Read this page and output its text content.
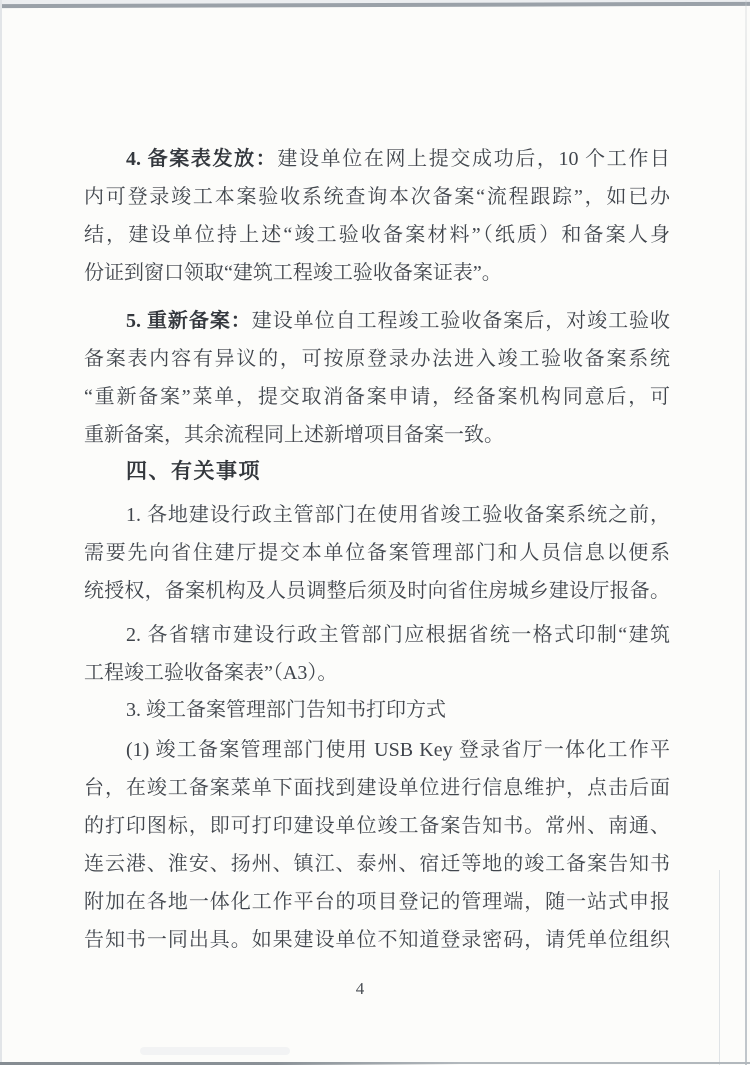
4. 备案表发放：建设单位在网上提交成功后，10 个工作日
内可登录竣工本案验收系统查询本次备案“流程跟踪”，如已办
结，建设单位持上述“竣工验收备案材料”（纸质）和备案人身
份证到窗口领取“建筑工程竣工验收备案证表”。
5. 重新备案：建设单位自工程竣工验收备案后，对竣工验收
备案表内容有异议的，可按原登录办法进入竣工验收备案系统
“重新备案”菜单，提交取消备案申请，经备案机构同意后，可
重新备案，其余流程同上述新增项目备案一致。
四、有关事项
1. 各地建设行政主管部门在使用省竣工验收备案系统之前，
需要先向省住建厅提交本单位备案管理部门和人员信息以便系
统授权，备案机构及人员调整后须及时向省住房城乡建设厅报备。
2. 各省辖市建设行政主管部门应根据省统一格式印制“建筑
工程竣工验收备案表”（A3）。
3. 竣工备案管理部门告知书打印方式
(1) 竣工备案管理部门使用 USB Key 登录省厅一体化工作平
台，在竣工备案菜单下面找到建设单位进行信息维护，点击后面
的打印图标，即可打印建设单位竣工备案告知书。常州、南通、
连云港、淮安、扬州、镇江、泰州、宿迁等地的竣工备案告知书
附加在各地一体化工作平台的项目登记的管理端，随一站式申报
告知书一同出具。如果建设单位不知道登录密码，请凭单位组织
4
